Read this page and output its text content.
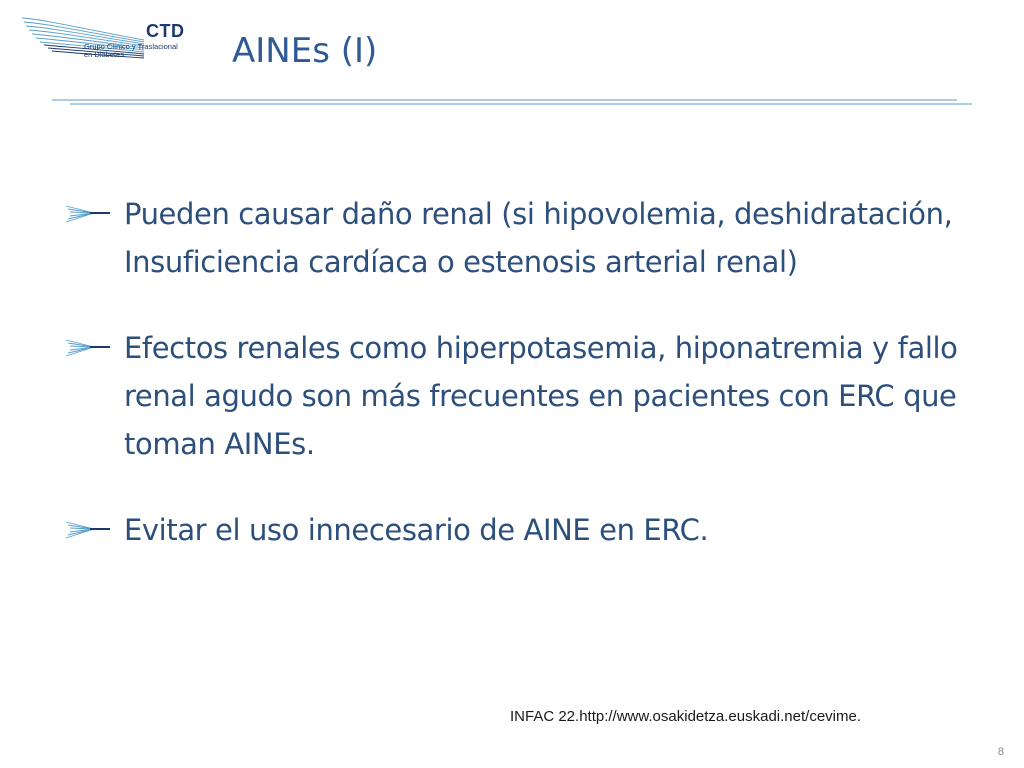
CTD
Grupo Clínico y Traslacional
en Diabetes	AINEs (I)
Pueden causar daño renal (si hipovolemia, deshidratación, Insuficiencia cardíaca o estenosis arterial renal)
Efectos renales como hiperpotasemia, hiponatremia y fallo renal agudo son más frecuentes en pacientes con ERC que toman AINEs.
Evitar el uso innecesario de AINE en ERC.
INFAC 22.http://www.osakidetza.euskadi.net/cevime.
8
